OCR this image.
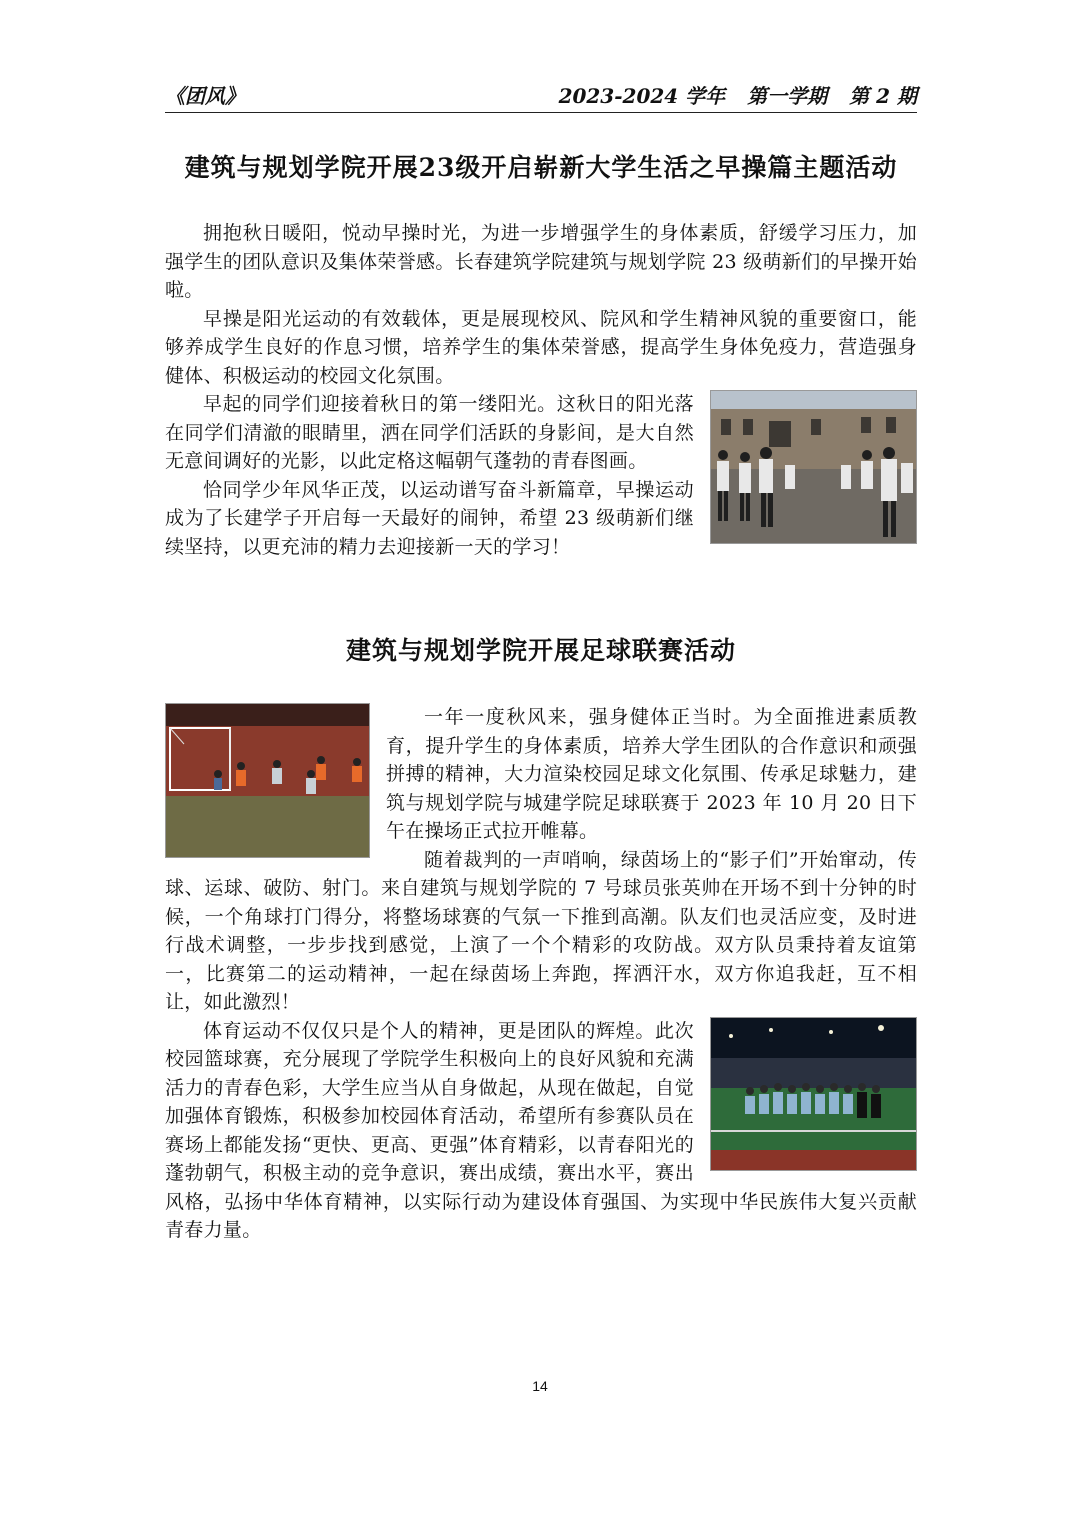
《团风》	2023-2024 学年 第一学期 第 2 期
建筑与规划学院开展23级开启崭新大学生活之早操篇主题活动

拥抱秋日暖阳，悦动早操时光，为进一步增强学生的身体素质，舒缓学习压力，加强学生的团队意识及集体荣誉感。长春建筑学院建筑与规划学院 23 级萌新们的早操开始啦。

早操是阳光运动的有效载体，更是展现校风、院风和学生精神风貌的重要窗口，能够养成学生良好的作息习惯，培养学生的集体荣誉感，提高学生身体免疫力，营造强身健体、积极运动的校园文化氛围。

早起的同学们迎接着秋日的第一缕阳光。这秋日的阳光落在同学们清澈的眼睛里，洒在同学们活跃的身影间，是大自然无意间调好的光影，以此定格这幅朝气蓬勃的青春图画。

恰同学少年风华正茂，以运动谱写奋斗新篇章，早操运动成为了长建学子开启每一天最好的闹钟，希望 23 级萌新们继续坚持，以更充沛的精力去迎接新一天的学习！

建筑与规划学院开展足球联赛活动

一年一度秋风来，强身健体正当时。为全面推进素质教育，提升学生的身体素质，培养大学生团队的合作意识和顽强拼搏的精神，大力渲染校园足球文化氛围、传承足球魅力，建筑与规划学院与城建学院足球联赛于 2023 年 10 月 20 日下午在操场正式拉开帷幕。

随着裁判的一声哨响，绿茵场上的“影子们”开始窜动，传球、运球、破防、射门。来自建筑与规划学院的 7 号球员张英帅在开场不到十分钟的时候，一个角球打门得分，将整场球赛的气氛一下推到高潮。队友们也灵活应变，及时进行战术调整，一步步找到感觉，上演了一个个精彩的攻防战。双方队员秉持着友谊第一，比赛第二的运动精神，一起在绿茵场上奔跑，挥洒汗水，双方你追我赶，互不相让，如此激烈！

体育运动不仅仅只是个人的精神，更是团队的辉煌。此次校园篮球赛，充分展现了学院学生积极向上的良好风貌和充满活力的青春色彩，大学生应当从自身做起，从现在做起，自觉加强体育锻炼，积极参加校园体育活动，希望所有参赛队员在赛场上都能发扬“更快、更高、更强”体育精彩，以青春阳光的蓬勃朝气，积极主动的竞争意识，赛出成绩，赛出水平，赛出风格，弘扬中华体育精神，以实际行动为建设体育强国、为实现中华民族伟大复兴贡献青春力量。

14
